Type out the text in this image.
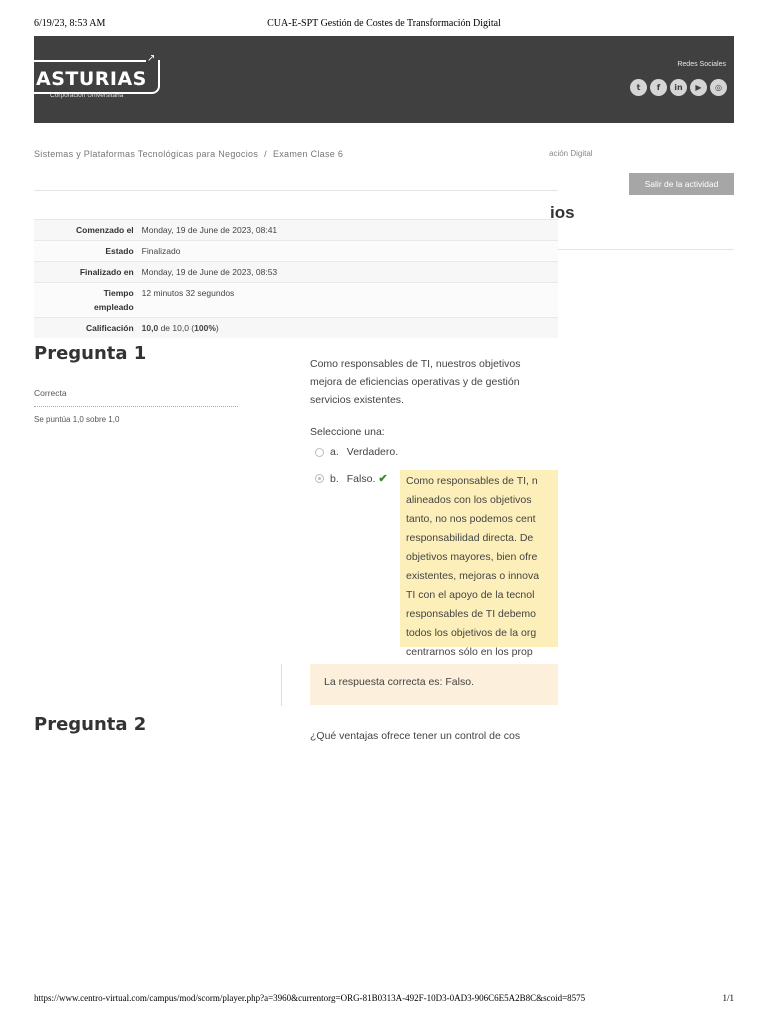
6/19/23, 8:53 AM	CUA-E-SPT Gestión de Costes de Transformación Digital
↗
ASTURIAS
Corporación Universitaria
Redes Sociales
t	f	in	▶	◎
Sistemas y Plataformas Tecnológicas para Negocios / Examen Clase 6	ación Digital
Salir de la actividad
ios
Comenzado el	Monday, 19 de June de 2023, 08:41
Estado	Finalizado
Finalizado en	Monday, 19 de June de 2023, 08:53
Tiempo empleado	12 minutos 32 segundos
Calificación	10,0 de 10,0 (100%)
Pregunta 1
Correcta
Se puntúa 1,0 sobre 1,0
Como responsables de TI, nuestros objetivos
mejora de eficiencias operativas y de gestión
servicios existentes.
Seleccione una:
a. Verdadero.
b. Falso. ✔ Como responsables de TI, n
alineados con los objetivos
tanto, no nos podemos cent
responsabilidad directa. De
objetivos mayores, bien ofre
existentes, mejoras o innova
TI con el apoyo de la tecnol
responsables de TI debemo
todos los objetivos de la org
centrarnos sólo en los prop
La respuesta correcta es: Falso.
Pregunta 2
¿Qué ventajas ofrece tener un control de cos
https://www.centro-virtual.com/campus/mod/scorm/player.php?a=3960&currentorg=ORG-81B0313A-492F-10D3-0AD3-906C6E5A2B8C&scoid=8575	1/1
